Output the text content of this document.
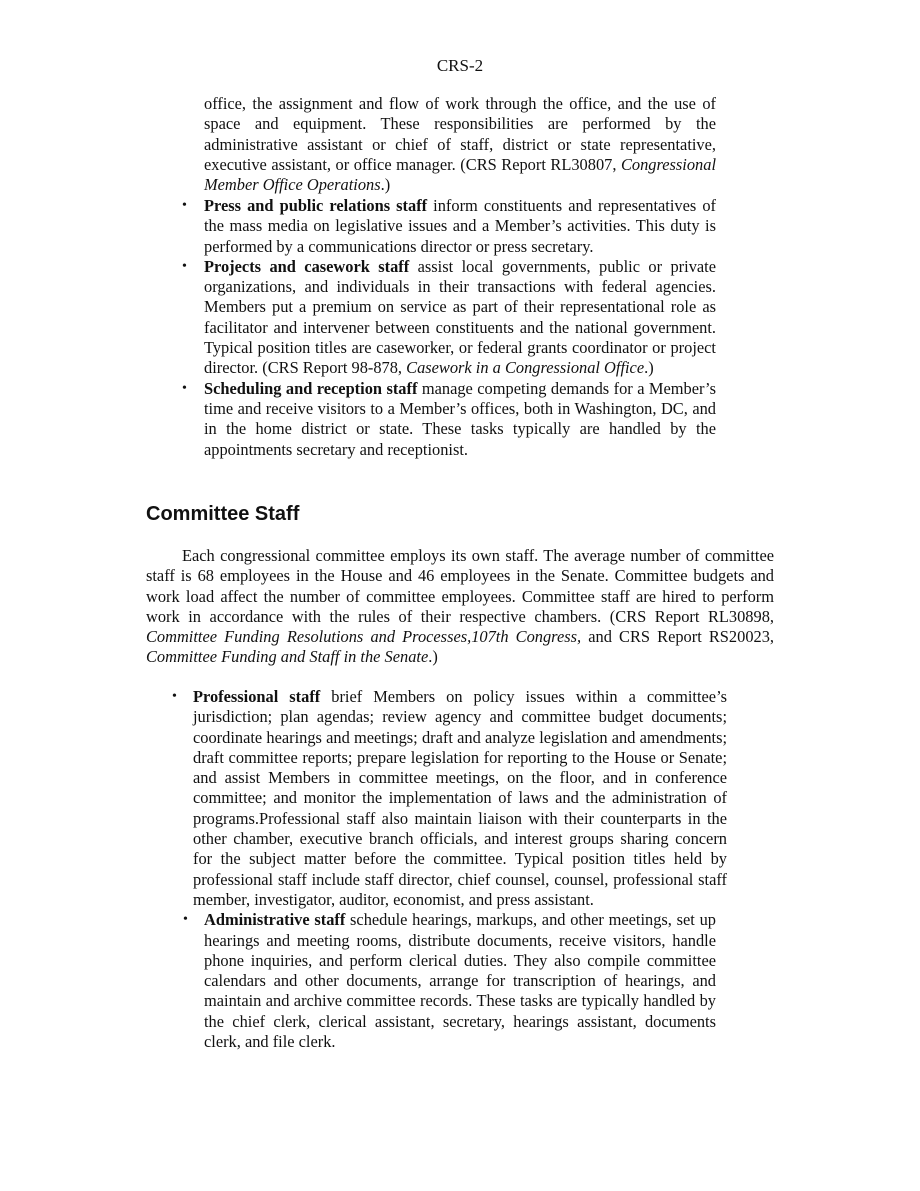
CRS-2
office, the assignment and flow of work through the office, and the use of space and equipment. These responsibilities are performed by the administrative assistant or chief of staff, district or state representative, executive assistant, or office manager. (CRS Report RL30807, Congressional Member Office Operations.)

•	Press and public relations staff inform constituents and representatives of the mass media on legislative issues and a Member’s activities. This duty is performed by a communications director or press secretary.

•	Projects and casework staff assist local governments, public or private organizations, and individuals in their transactions with federal agencies. Members put a premium on service as part of their representational role as facilitator and intervener between constituents and the national government. Typical position titles are caseworker, or federal grants coordinator or project director. (CRS Report 98-878, Casework in a Congressional Office.)

•	Scheduling and reception staff manage competing demands for a Member’s time and receive visitors to a Member’s offices, both in Washington, DC, and in the home district or state. These tasks typically are handled by the appointments secretary and receptionist.

Committee Staff

Each congressional committee employs its own staff. The average number of committee staff is 68 employees in the House and 46 employees in the Senate. Committee budgets and work load affect the number of committee employees. Committee staff are hired to perform work in accordance with the rules of their respective chambers. (CRS Report RL30898, Committee Funding Resolutions and Processes,107th Congress, and CRS Report RS20023, Committee Funding and Staff in the Senate.)

• Professional staff brief Members on policy issues within a committee’s jurisdiction; plan agendas; review agency and committee budget documents; coordinate hearings and meetings; draft and analyze legislation and amendments; draft committee reports; prepare legislation for reporting to the House or Senate; and assist Members in committee meetings, on the floor, and in conference committee; and monitor the implementation of laws and the administration of programs.Professional staff also maintain liaison with their counterparts in the other chamber, executive branch officials, and interest groups sharing concern for the subject matter before the committee. Typical position titles held by professional staff include staff director, chief counsel, counsel, professional staff member, investigator, auditor, economist, and press assistant.

• Administrative staff schedule hearings, markups, and other meetings, set up hearings and meeting rooms, distribute documents, receive visitors, handle phone inquiries, and perform clerical duties. They also compile committee calendars and other documents, arrange for transcription of hearings, and maintain and archive committee records. These tasks are typically handled by the chief clerk, clerical assistant, secretary, hearings assistant, documents clerk, and file clerk.
